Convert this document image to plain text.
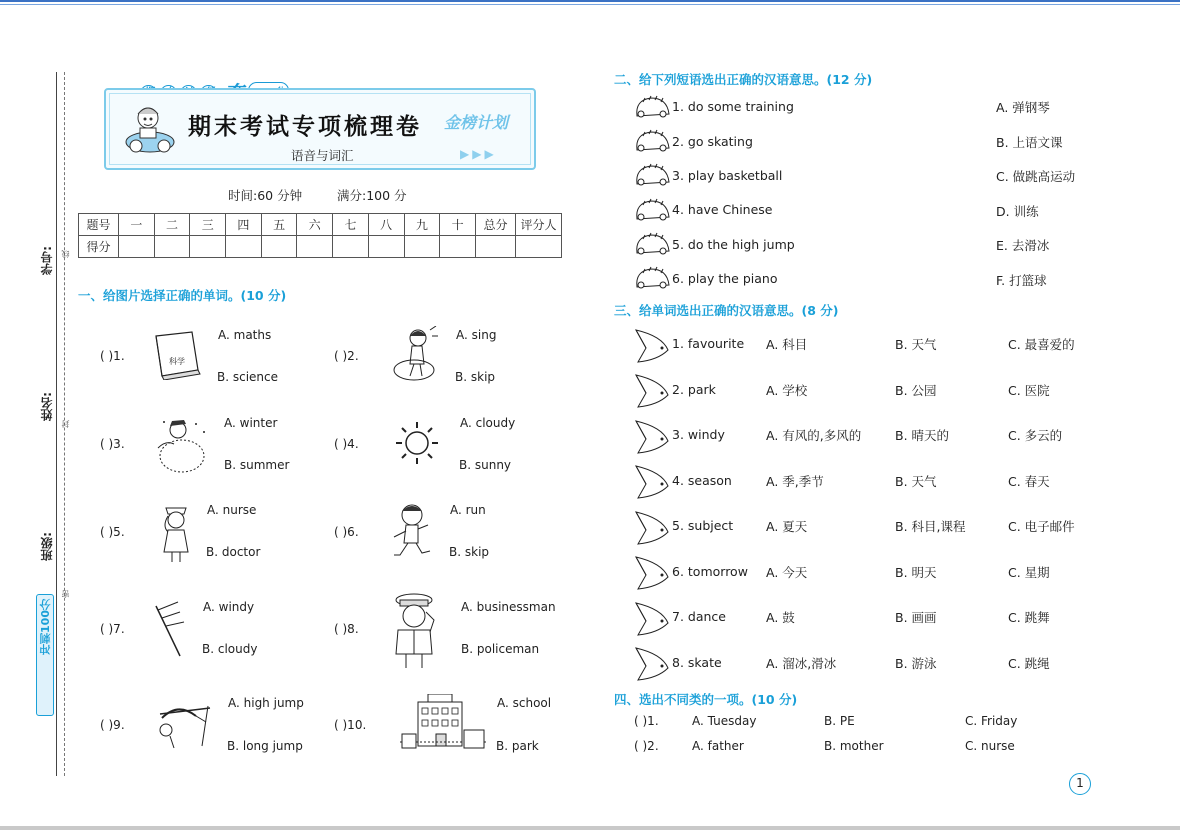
学号:
姓名:
班级:
线
封
密
冲刺100分

期末考试专项梳理卷 金榜计划
语音与词汇	▶▶▶
时间:60 分钟	满分:100 分
题号	一	二	三	四	五	六	七	八	九	十	总分	评分人
得分												
一、给图片选择正确的单词。(10 分)
( )1.	科学
A. maths
B. science
( )2.
A. sing
B. skip
( )3.
A. winter
B. summer
( )4.
A. cloudy
B. sunny
( )5.
A. nurse
B. doctor
( )6.
A. run
B. skip
( )7.
A. windy
B. cloudy
( )8.
A. businessman
B. policeman
( )9.
A. high jump
B. long jump
( )10.
A. school
B. park
二、给下列短语选出正确的汉语意思。(12 分)
1. do some training	A. 弹钢琴
2. go skating	B. 上语文课
3. play basketball	C. 做跳高运动
4. have Chinese	D. 训练
5. do the high jump	E. 去滑冰
6. play the piano	F. 打篮球
三、给单词选出正确的汉语意思。(8 分)
1. favourite A. 科目	B. 天气	C. 最喜爱的
2. park	A. 学校	B. 公园	C. 医院
3. windy	A. 有风的,多风的	B. 晴天的	C. 多云的
4. season	A. 季,季节	B. 天气	C. 春天
5. subject	A. 夏天	B. 科目,课程	C. 电子邮件
6. tomorrow A. 今天	B. 明天	C. 星期
7. dance	A. 鼓	B. 画画	C. 跳舞
8. skate	A. 溜冰,滑冰	B. 游泳	C. 跳绳
四、选出不同类的一项。(10 分)
( )1.	A. Tuesday	B. PE	C. Friday
( )2.	A. father	B. mother	C. nurse
1
